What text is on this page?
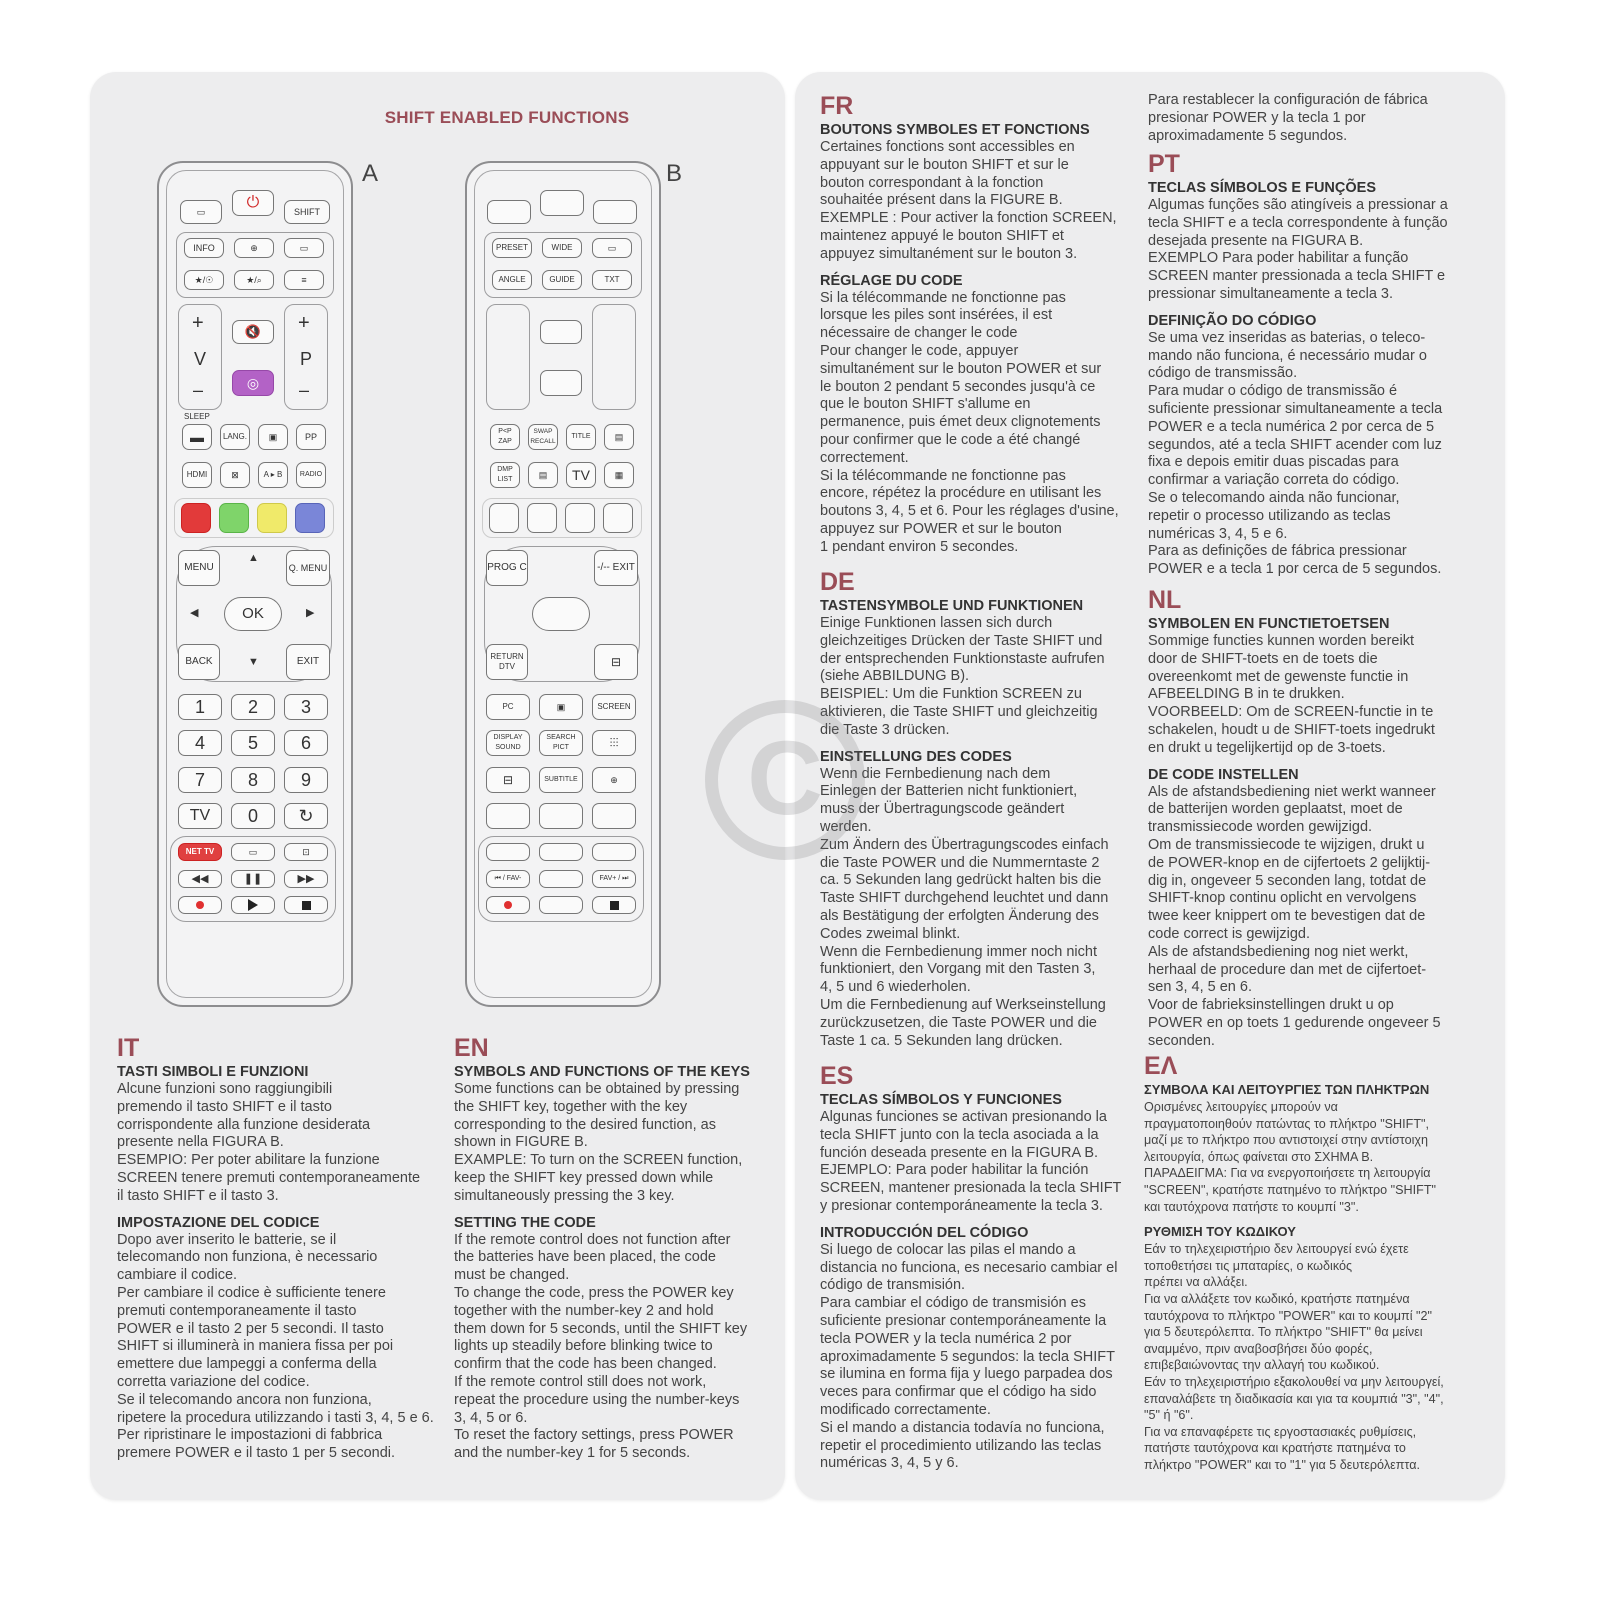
SHIFT ENABLED FUNCTIONS
A
▭
⏻
SHIFT
INFO	⊕	▭
★/☉	★/⌕	≡
+
V
–
🔇
◎
+
P
–
SLEEP
▬	LANG.	▣	PP
HDMI	⊠	A ▸ B	RADIO
MENU
▲
Q. MENU
◀	OK	▶
BACK	▼	EXIT
1	2	3
4	5	6
7	8	9
TV	0	↻
NET TV	▭	⊡
◀◀	❚❚	▶▶
B
PRESET	WIDE	▭
ANGLE	GUIDE	TXT
P<P ZAP
SWAP RECALL
TITLE	▤
DMP LIST	▤	TV	▦
PROG C	-/-- EXIT
RETURN DTV	⊟
PC	▣	SCREEN
DISPLAY SOUND
SEARCH PICT	⫶⫶⫶
⊟	SUBTITLE	⊕
⏮ / FAV-	FAV+ / ⏭
IT
TASTI SIMBOLI E FUNZIONI
Alcune funzioni sono raggiungibili
premendo il tasto SHIFT e il tasto
corrispondente alla funzione desiderata
presente nella FIGURA B.
ESEMPIO: Per poter abilitare la funzione
SCREEN tenere premuti contemporaneamente
il tasto SHIFT e il tasto 3.
IMPOSTAZIONE DEL CODICE
Dopo aver inserito le batterie, se il
telecomando non funziona, è necessario
cambiare il codice.
Per cambiare il codice è sufficiente tenere
premuti contemporaneamente il tasto
POWER e il tasto 2 per 5 secondi. Il tasto
SHIFT si illuminerà in maniera fissa per poi
emettere due lampeggi a conferma della
corretta variazione del codice.
Se il telecomando ancora non funziona,
ripetere la procedura utilizzando i tasti 3, 4, 5 e 6.
Per ripristinare le impostazioni di fabbrica
premere POWER e il tasto 1 per 5 secondi.
EN
SYMBOLS AND FUNCTIONS OF THE KEYS
Some functions can be obtained by pressing
the SHIFT key, together with the key
corresponding to the desired function, as
shown in FIGURE B.
EXAMPLE: To turn on the SCREEN function,
keep the SHIFT key pressed down while
simultaneously pressing the 3 key.
SETTING THE CODE
If the remote control does not function after
the batteries have been placed, the code
must be changed.
To change the code, press the POWER key
together with the number-key 2 and hold
them down for 5 seconds, until the SHIFT key
lights up steadily before blinking twice to
confirm that the code has been changed.
If the remote control still does not work,
repeat the procedure using the number-keys
3, 4, 5 or 6.
To reset the factory settings, press POWER
and the number-key 1 for 5 seconds.
FR
BOUTONS SYMBOLES ET FONCTIONS
Certaines fonctions sont accessibles en
appuyant sur le bouton SHIFT et sur le
bouton correspondant à la fonction
souhaitée présent dans la FIGURE B.
EXEMPLE : Pour activer la fonction SCREEN,
maintenez appuyé le bouton SHIFT et
appuyez simultanément sur le bouton 3.
RÉGLAGE DU CODE
Si la télécommande ne fonctionne pas
lorsque les piles sont insérées, il est
nécessaire de changer le code
Pour changer le code, appuyer
simultanément sur le bouton POWER et sur
le bouton 2 pendant 5 secondes jusqu'à ce
que le bouton SHIFT s'allume en
permanence, puis émet deux clignotements
pour confirmer que le code a été changé
correctement.
Si la télécommande ne fonctionne pas
encore, répétez la procédure en utilisant les
boutons 3, 4, 5 et 6. Pour les réglages d'usine,
appuyez sur POWER et sur le bouton
1 pendant environ 5 secondes.
DE
TASTENSYMBOLE UND FUNKTIONEN
Einige Funktionen lassen sich durch
gleichzeitiges Drücken der Taste SHIFT und
der entsprechenden Funktionstaste aufrufen
(siehe ABBILDUNG B).
BEISPIEL: Um die Funktion SCREEN zu
aktivieren, die Taste SHIFT und gleichzeitig
die Taste 3 drücken.
EINSTELLUNG DES CODES
Wenn die Fernbedienung nach dem
Einlegen der Batterien nicht funktioniert,
muss der Übertragungscode geändert
werden.
Zum Ändern des Übertragungscodes einfach
die Taste POWER und die Nummerntaste 2
ca. 5 Sekunden lang gedrückt halten bis die
Taste SHIFT durchgehend leuchtet und dann
als Bestätigung der erfolgten Änderung des
Codes zweimal blinkt.
Wenn die Fernbedienung immer noch nicht
funktioniert, den Vorgang mit den Tasten 3,
4, 5 und 6 wiederholen.
Um die Fernbedienung auf Werkseinstellung
zurückzusetzen, die Taste POWER und die
Taste 1 ca. 5 Sekunden lang drücken.
ES
TECLAS SÍMBOLOS Y FUNCIONES
Algunas funciones se activan presionando la
tecla SHIFT junto con la tecla asociada a la
función deseada presente en la FIGURA B.
EJEMPLO: Para poder habilitar la función
SCREEN, mantener presionada la tecla SHIFT
y presionar contemporáneamente la tecla 3.
INTRODUCCIÓN DEL CÓDIGO
Si luego de colocar las pilas el mando a
distancia no funciona, es necesario cambiar el
código de transmisión.
Para cambiar el código de transmisión es
suficiente presionar contemporáneamente la
tecla POWER y la tecla numérica 2 por
aproximadamente 5 segundos: la tecla SHIFT
se ilumina en forma fija y luego parpadea dos
veces para confirmar que el código ha sido
modificado correctamente.
Si el mando a distancia todavía no funciona,
repetir el procedimiento utilizando las teclas
numéricas 3, 4, 5 y 6.
Para restablecer la configuración de fábrica
presionar POWER y la tecla 1 por
aproximadamente 5 segundos.
PT
TECLAS SÍMBOLOS E FUNÇÕES
Algumas funções são atingíveis a pressionar a
tecla SHIFT e a tecla correspondente à função
desejada presente na FIGURA B.
EXEMPLO Para poder habilitar a função
SCREEN manter pressionada a tecla SHIFT e
pressionar simultaneamente a tecla 3.
DEFINIÇÃO DO CÓDIGO
Se uma vez inseridas as baterias, o teleco-
mando não funciona, é necessário mudar o
código de transmissão.
Para mudar o código de transmissão é
suficiente pressionar simultaneamente a tecla
POWER e a tecla numérica 2 por cerca de 5
segundos, até a tecla SHIFT acender com luz
fixa e depois emitir duas piscadas para
confirmar a variação correta do código.
Se o telecomando ainda não funcionar,
repetir o processo utilizando as teclas
numéricas 3, 4, 5 e 6.
Para as definições de fábrica pressionar
POWER e a tecla 1 por cerca de 5 segundos.
NL
SYMBOLEN EN FUNCTIETOETSEN
Sommige functies kunnen worden bereikt
door de SHIFT-toets en de toets die
overeenkomt met de gewenste functie in
AFBEELDING B in te drukken.
VOORBEELD: Om de SCREEN-functie in te
schakelen, houdt u de SHIFT-toets ingedrukt
en drukt u tegelijkertijd op de 3-toets.
DE CODE INSTELLEN
Als de afstandsbediening niet werkt wanneer
de batterijen worden geplaatst, moet de
transmissiecode worden gewijzigd.
Om de transmissiecode te wijzigen, drukt u
de POWER-knop en de cijfertoets 2 gelijktij-
dig in, ongeveer 5 seconden lang, totdat de
SHIFT-knop continu oplicht en vervolgens
twee keer knippert om te bevestigen dat de
code correct is gewijzigd.
Als de afstandsbediening nog niet werkt,
herhaal de procedure dan met de cijfertoet-
sen 3, 4, 5 en 6.
Voor de fabrieksinstellingen drukt u op
POWER en op toets 1 gedurende ongeveer 5
seconden.
ΕΛ
ΣΥΜΒΟΛΑ ΚΑΙ ΛΕΙΤΟΥΡΓΙΕΣ ΤΩΝ ΠΛΗΚΤΡΩΝ
Ορισμένες λειτουργίες μπορούν να
πραγματοποιηθούν πατώντας το πλήκτρο "SHIFT",
μαζί με το πλήκτρο που αντιστοιχεί στην αντίστοιχη
λειτουργία, όπως φαίνεται στο ΣΧΗΜΑ Β.
ΠΑΡΑΔΕΙΓΜΑ: Για να ενεργοποιήσετε τη λειτουργία
"SCREEN", κρατήστε πατημένο το πλήκτρο "SHIFT"
και ταυτόχρονα πατήστε το κουμπί "3".
ΡΥΘΜΙΣΗ ΤΟΥ ΚΩΔΙΚΟΥ
Εάν το τηλεχειριστήριο δεν λειτουργεί ενώ έχετε
τοποθετήσει τις μπαταρίες, ο κωδικός
πρέπει να αλλάξει.
Για να αλλάξετε τον κωδικό, κρατήστε πατημένα
ταυτόχρονα το πλήκτρο "POWER" και το κουμπί "2"
για 5 δευτερόλεπτα. Το πλήκτρο "SHIFT" θα μείνει
αναμμένο, πριν αναβοσβήσει δύο φορές,
επιβεβαιώνοντας την αλλαγή του κωδικού.
Εάν το τηλεχειριστήριο εξακολουθεί να μην λειτουργεί,
επαναλάβετε τη διαδικασία και για τα κουμπιά "3", "4",
"5" ή "6".
Για να επαναφέρετε τις εργοστασιακές ρυθμίσεις,
πατήστε ταυτόχρονα και κρατήστε πατημένα το
πλήκτρο "POWER" και το "1" για 5 δευτερόλεπτα.
C
